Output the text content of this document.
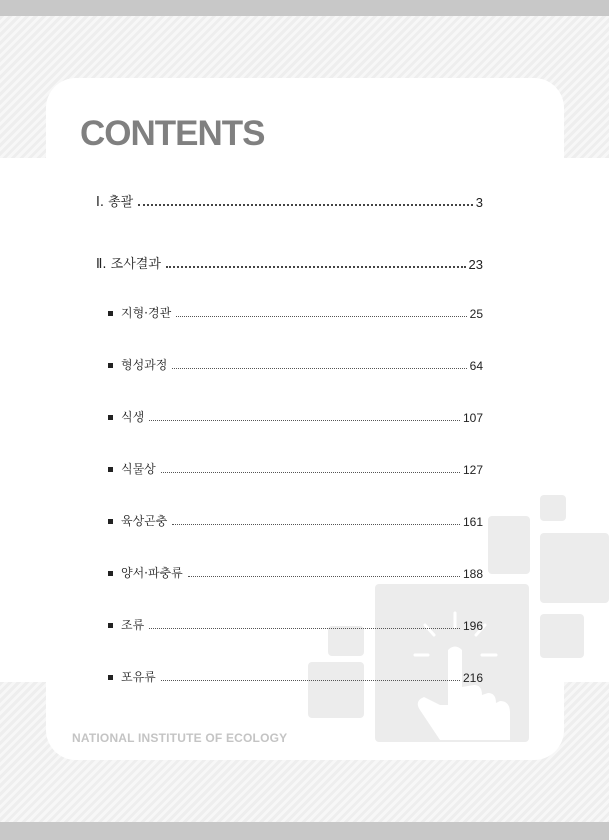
CONTENTS
Ⅰ. 총괄	3
Ⅱ. 조사결과	23
지형·경관	25
형성과정	64
식생	107
식물상	127
육상곤충	161
양서·파충류	188
조류	196
포유류	216
NATIONAL INSTITUTE OF ECOLOGY
